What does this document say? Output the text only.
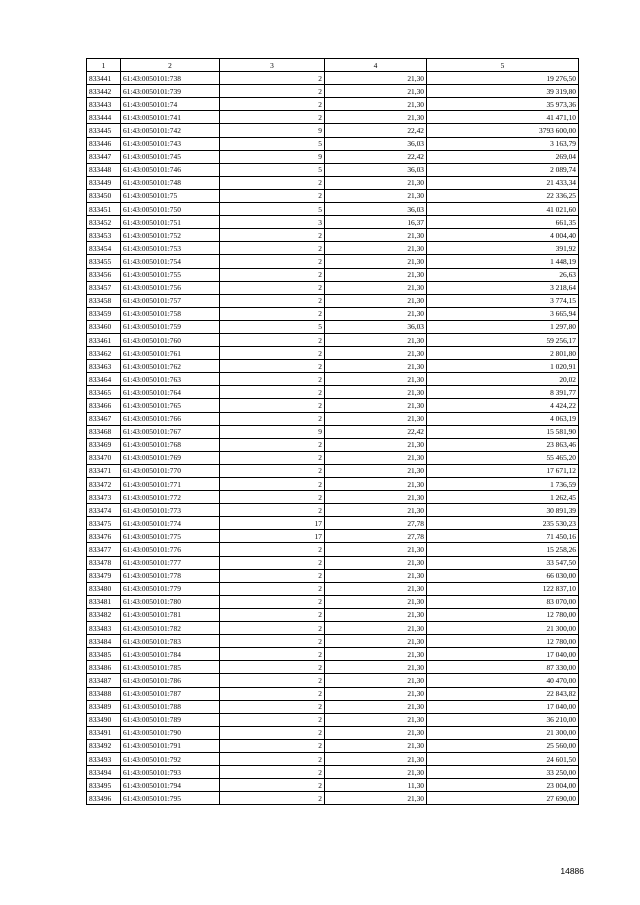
1	2	3	4	5
833441	61:43:0050101:738	2	21,30	19 276,50
833442	61:43:0050101:739	2	21,30	39 319,80
833443	61:43:0050101:74	2	21,30	35 973,36
833444	61:43:0050101:741	2	21,30	41 471,10
833445	61:43:0050101:742	9	22,42	3793 600,00
833446	61:43:0050101:743	5	36,03	3 163,79
833447	61:43:0050101:745	9	22,42	269,04
833448	61:43:0050101:746	5	36,03	2 089,74
833449	61:43:0050101:748	2	21,30	21 433,34
833450	61:43:0050101:75	2	21,30	22 336,25
833451	61:43:0050101:750	5	36,03	41 021,60
833452	61:43:0050101:751	3	16,37	661,35
833453	61:43:0050101:752	2	21,30	4 004,40
833454	61:43:0050101:753	2	21,30	391,92
833455	61:43:0050101:754	2	21,30	1 448,19
833456	61:43:0050101:755	2	21,30	26,63
833457	61:43:0050101:756	2	21,30	3 218,64
833458	61:43:0050101:757	2	21,30	3 774,15
833459	61:43:0050101:758	2	21,30	3 665,94
833460	61:43:0050101:759	5	36,03	1 297,80
833461	61:43:0050101:760	2	21,30	59 256,17
833462	61:43:0050101:761	2	21,30	2 801,80
833463	61:43:0050101:762	2	21,30	1 020,91
833464	61:43:0050101:763	2	21,30	20,02
833465	61:43:0050101:764	2	21,30	8 391,77
833466	61:43:0050101:765	2	21,30	4 424,22
833467	61:43:0050101:766	2	21,30	4 063,19
833468	61:43:0050101:767	9	22,42	15 581,90
833469	61:43:0050101:768	2	21,30	23 863,46
833470	61:43:0050101:769	2	21,30	55 465,20
833471	61:43:0050101:770	2	21,30	17 671,12
833472	61:43:0050101:771	2	21,30	1 736,59
833473	61:43:0050101:772	2	21,30	1 262,45
833474	61:43:0050101:773	2	21,30	30 891,39
833475	61:43:0050101:774	17	27,78	235 530,23
833476	61:43:0050101:775	17	27,78	71 450,16
833477	61:43:0050101:776	2	21,30	15 258,26
833478	61:43:0050101:777	2	21,30	33 547,50
833479	61:43:0050101:778	2	21,30	66 030,00
833480	61:43:0050101:779	2	21,30	122 837,10
833481	61:43:0050101:780	2	21,30	83 070,00
833482	61:43:0050101:781	2	21,30	12 780,00
833483	61:43:0050101:782	2	21,30	21 300,00
833484	61:43:0050101:783	2	21,30	12 780,00
833485	61:43:0050101:784	2	21,30	17 040,00
833486	61:43:0050101:785	2	21,30	87 330,00
833487	61:43:0050101:786	2	21,30	40 470,00
833488	61:43:0050101:787	2	21,30	22 843,82
833489	61:43:0050101:788	2	21,30	17 040,00
833490	61:43:0050101:789	2	21,30	36 210,00
833491	61:43:0050101:790	2	21,30	21 300,00
833492	61:43:0050101:791	2	21,30	25 560,00
833493	61:43:0050101:792	2	21,30	24 601,50
833494	61:43:0050101:793	2	21,30	33 250,00
833495	61:43:0050101:794	2	11,30	23 004,00
833496	61:43:0050101:795	2	21,30	27 690,00
14886
